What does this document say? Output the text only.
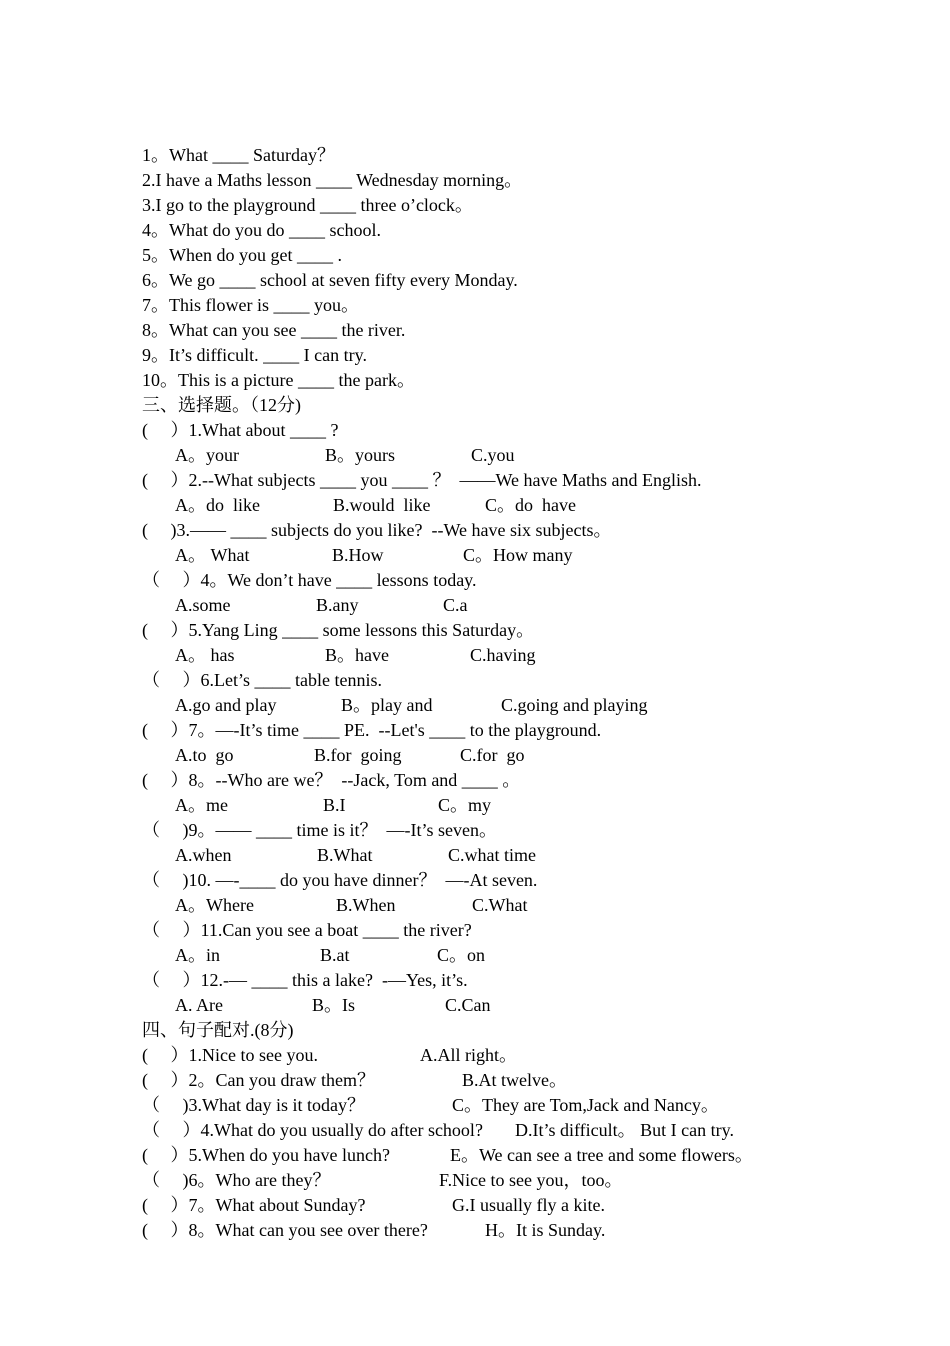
1。What ____ Saturday？
2.I have a Maths lesson ____ Wednesday morning。
3.I go to the playground ____ three o’clock。
4。What do you do ____ school.
5。When do you get ____ .
6。We go ____ school at seven fifty every Monday.
7。This flower is ____ you。
8。What can you see ____ the river.
9。It’s difficult. ____ I can try.
10。This is a picture ____ the park。
三、选择题。（12分)
(     ）1.What about ____ ?

A。your

	B。yours

	C.you

(     ）2.--What subjects ____ you ____ ？  ——We have Maths and English.

A。do  like

	B.would  like

	C。do  have

(     )3.—— ____ subjects do you like?  --We have six subjects。

A。 What

	B.How

	C。How many

（     ）4。We don’t have ____ lessons today.

A.some

	B.any

	C.a

(     ）5.Yang Ling ____ some lessons this Saturday。

A。 has

	B。have

	C.having

（     ）6.Let’s ____ table tennis.

A.go and play

	B。play and

	C.going and playing

(     ）7。—-It’s time ____ PE.  --Let's ____ to the playground.

A.to  go

	B.for  going

	C.for  go

(     ）8。--Who are we？  --Jack, Tom and ____ 。

A。me

	B.I

	C。my

（     )9。—— ____ time is it？  —-It’s seven。

A.when

	B.What

	C.what time

（     )10. —-____ do you have dinner？  —-At seven.

A。Where

	B.When

	C.What

（     ）11.Can you see a boat ____ the river?

A。in

	B.at

	C。on

（     ）12.-— ____ this a lake?  -—Yes, it’s.

A. Are

	B。Is

	C.Can

四、句子配对.(8分)
(     ）1.Nice to see you.	A.All right。
(     ）2。Can you draw them？	B.At twelve。
（     )3.What day is it today？	C。They are Tom,Jack and Nancy。
（     ）4.What do you usually do after school? D.It’s difficult。 But I can try.
(     ）5.When do you have lunch?	E。We can see a tree and some flowers。
（     )6。Who are they？	F.Nice to see you，too。
(     ）7。What about Sunday?	G.I usually fly a kite.
(     ）8。What can you see over there?	H。It is Sunday.
